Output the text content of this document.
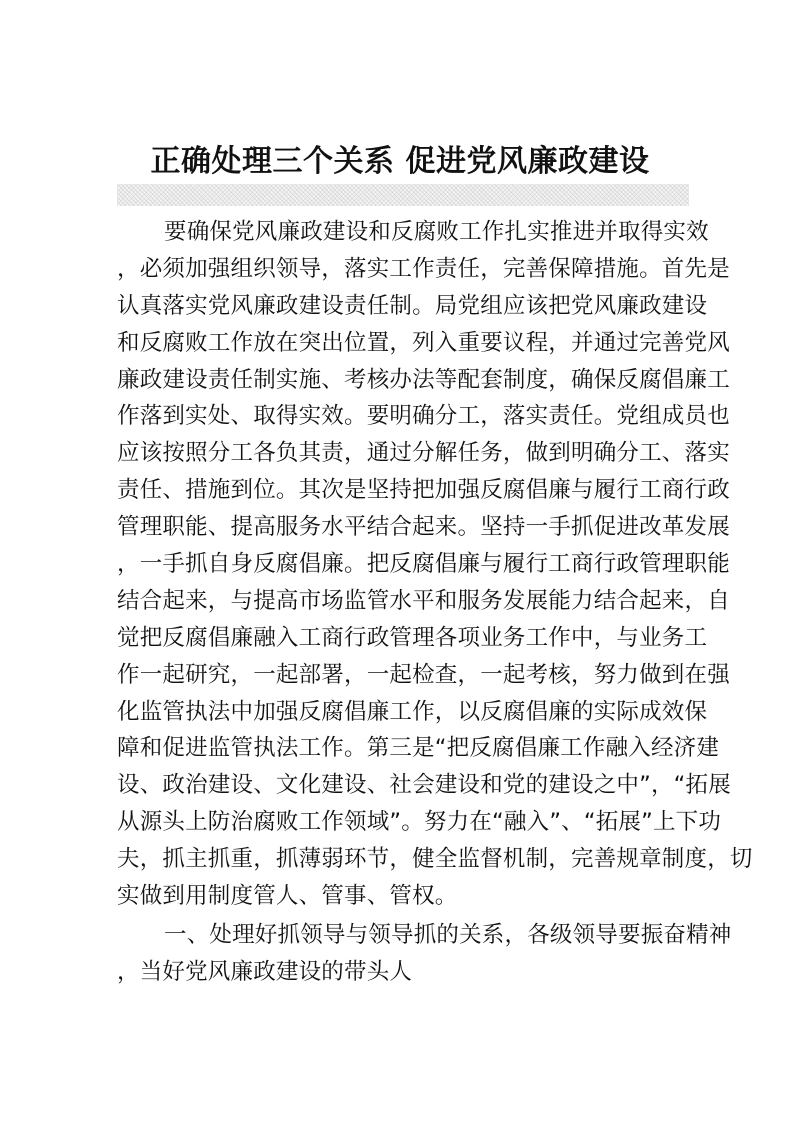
正确处理三个关系 促进党风廉政建设
要确保党风廉政建设和反腐败工作扎实推进并取得实效
，必须加强组织领导，落实工作责任，完善保障措施。首先是
认真落实党风廉政建设责任制。局党组应该把党风廉政建设
和反腐败工作放在突出位置，列入重要议程，并通过完善党风
廉政建设责任制实施、考核办法等配套制度，确保反腐倡廉工
作落到实处、取得实效。要明确分工，落实责任。党组成员也
应该按照分工各负其责，通过分解任务，做到明确分工、落实
责任、措施到位。其次是坚持把加强反腐倡廉与履行工商行政
管理职能、提高服务水平结合起来。坚持一手抓促进改革发展
，一手抓自身反腐倡廉。把反腐倡廉与履行工商行政管理职能
结合起来，与提高市场监管水平和服务发展能力结合起来，自
觉把反腐倡廉融入工商行政管理各项业务工作中，与业务工
作一起研究，一起部署，一起检查，一起考核，努力做到在强
化监管执法中加强反腐倡廉工作，以反腐倡廉的实际成效保
障和促进监管执法工作。第三是“把反腐倡廉工作融入经济建
设、政治建设、文化建设、社会建设和党的建设之中”，“拓展
从源头上防治腐败工作领域”。努力在“融入”、“拓展”上下功
夫，抓主抓重，抓薄弱环节，健全监督机制，完善规章制度，切
实做到用制度管人、管事、管权。
一、处理好抓领导与领导抓的关系，各级领导要振奋精神
，当好党风廉政建设的带头人
